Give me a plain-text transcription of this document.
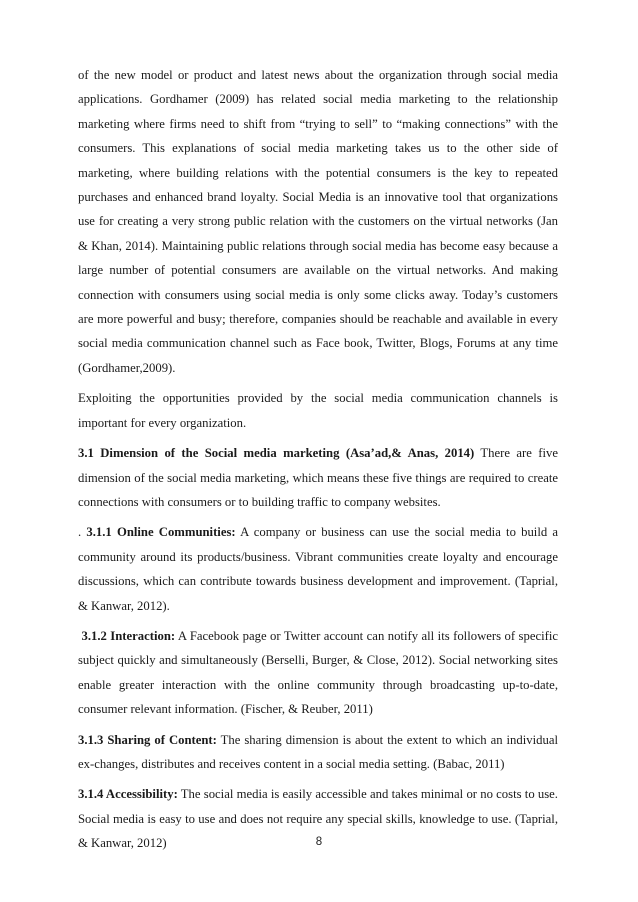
of the new model or product and latest news about the organization through social media applications. Gordhamer (2009) has related social media marketing to the relationship marketing where firms need to shift from “trying to sell” to “making connections” with the consumers. This explanations of social media marketing takes us to the other side of marketing, where building relations with the potential consumers is the key to repeated purchases and enhanced brand loyalty. Social Media is an innovative tool that organizations use for creating a very strong public relation with the customers on the virtual networks (Jan & Khan, 2014). Maintaining public relations through social media has become easy because a large number of potential consumers are available on the virtual networks. And making connection with consumers using social media is only some clicks away. Today’s customers are more powerful and busy; therefore, companies should be reachable and available in every social media communication channel such as Face book, Twitter, Blogs, Forums at any time (Gordhamer,2009).

Exploiting the opportunities provided by the social media communication channels is important for every organization.

3.1 Dimension of the Social media marketing (Asa’ad,& Anas, 2014) There are five dimension of the social media marketing, which means these five things are required to create connections with consumers or to building traffic to company websites.

. 3.1.1 Online Communities: A company or business can use the social media to build a community around its products/business. Vibrant communities create loyalty and encourage discussions, which can contribute towards business development and improvement. (Taprial, & Kanwar, 2012).

3.1.2 Interaction: A Facebook page or Twitter account can notify all its followers of specific subject quickly and simultaneously (Berselli, Burger, & Close, 2012). Social networking sites enable greater interaction with the online community through broadcasting up-to-date, consumer relevant information. (Fischer, & Reuber, 2011)

3.1.3 Sharing of Content: The sharing dimension is about the extent to which an individual ex-changes, distributes and receives content in a social media setting. (Babac, 2011)

3.1.4 Accessibility: The social media is easily accessible and takes minimal or no costs to use. Social media is easy to use and does not require any special skills, knowledge to use. (Taprial, & Kanwar, 2012)	8
